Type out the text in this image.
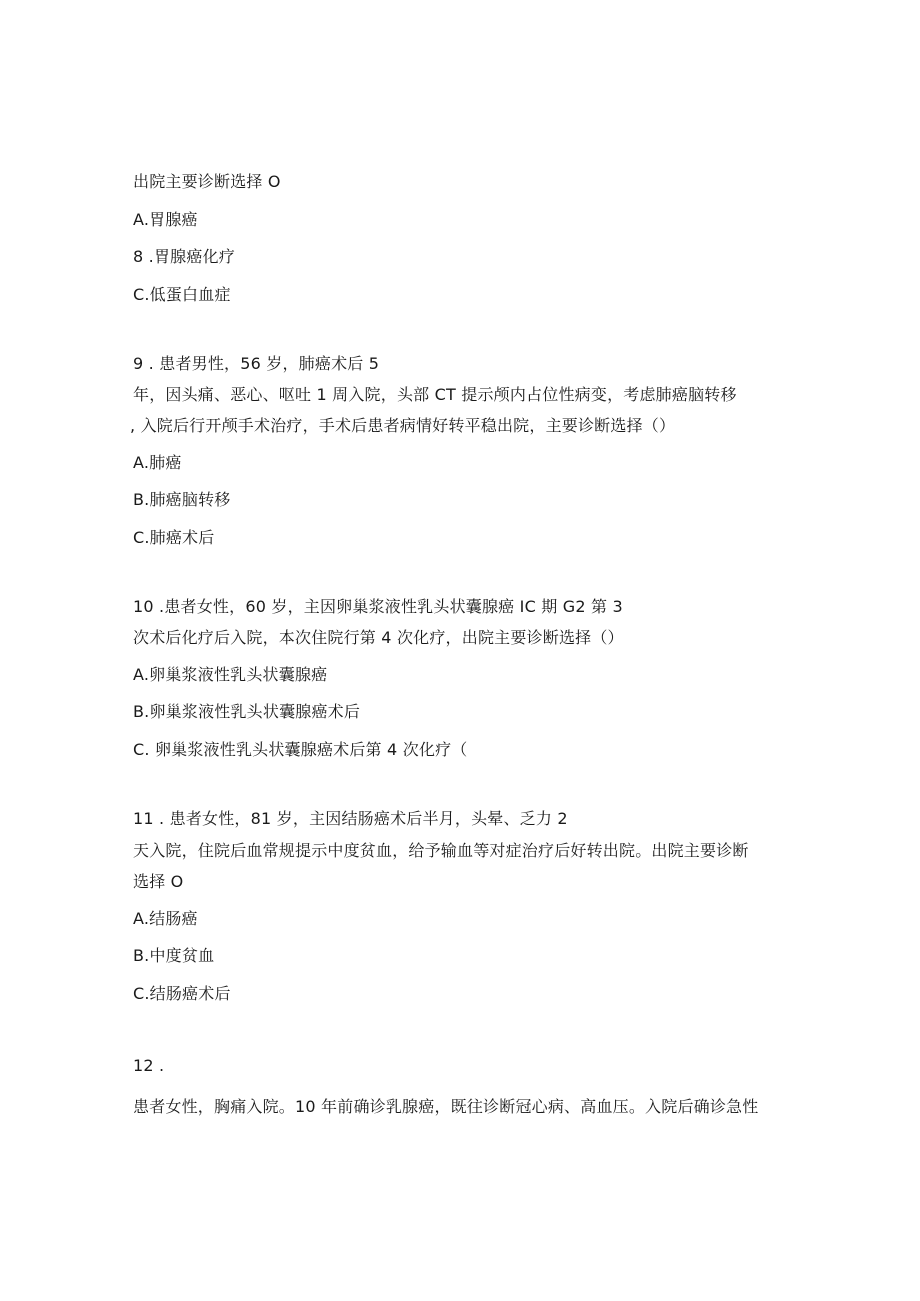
出院主要诊断选择 O
A.胃腺癌
8 .胃腺癌化疗
C.低蛋白血症
9 . 患者男性，56 岁，肺癌术后 5
年，因头痛、恶心、呕吐 1 周入院，头部 CT 提示颅内占位性病变，考虑肺癌脑转移
, 入院后行开颅手术治疗，手术后患者病情好转平稳出院，主要诊断选择（）
A.肺癌
B.肺癌脑转移
C.肺癌术后
10 .患者女性，60 岁，主因卵巢浆液性乳头状囊腺癌 IC 期 G2 第 3
次术后化疗后入院，本次住院行第 4 次化疗，出院主要诊断选择（）
A.卵巢浆液性乳头状囊腺癌
B.卵巢浆液性乳头状囊腺癌术后
C. 卵巢浆液性乳头状囊腺癌术后第 4 次化疗（
11 . 患者女性，81 岁，主因结肠癌术后半月，头晕、乏力 2
天入院，住院后血常规提示中度贫血，给予输血等对症治疗后好转出院。出院主要诊断
选择 O
A.结肠癌
B.中度贫血
C.结肠癌术后
12 .
患者女性，胸痛入院。10 年前确诊乳腺癌，既往诊断冠心病、高血压。入院后确诊急性
